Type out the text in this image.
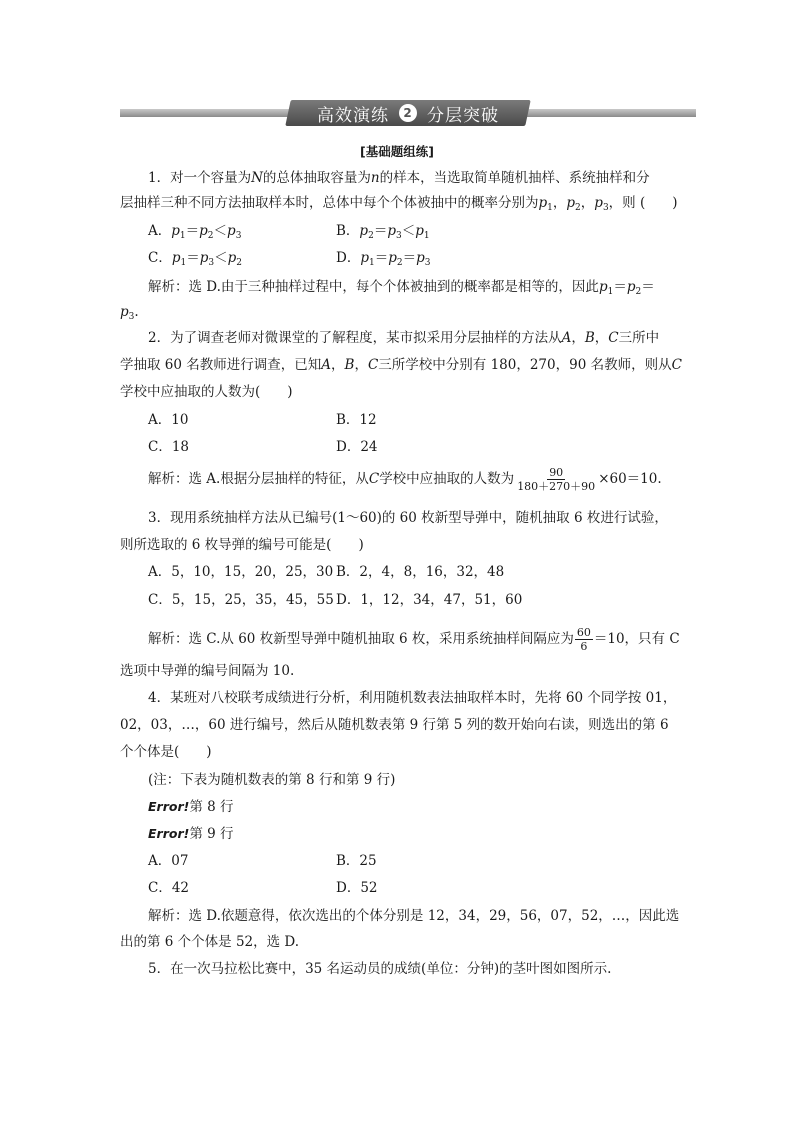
高效演练	2 分层突破
[基础题组练]
1．对一个容量为N的总体抽取容量为n的样本，当选取简单随机抽样、系统抽样和分
层抽样三种不同方法抽取样本时，总体中每个个体被抽中的概率分别为$p_1$，$p_2$，$p_3$，则 (　　)
A．$p_1=p_2<p_3$	B．$p_2=p_3<p_1$
C．$p_1=p_3<p_2$	D．$p_1=p_2=p_3$
解析：选 D.由于三种抽样过程中，每个个体被抽到的概率都是相等的，因此$p_1=p_2=$
$p_3$.
2．为了调查老师对微课堂的了解程度，某市拟采用分层抽样的方法从A，B，C三所中
学抽取 60 名教师进行调查，已知A，B，C三所学校中分别有 180，270，90 名教师，则从C
学校中应抽取的人数为(　　)
A．10	B．12
C．18	D．24
解析：选 A.根据分层抽样的特征，从C学校中应抽取的人数为 $\frac{90}{180+270+90} \times 60=10$.
3．现用系统抽样方法从已编号(1～60)的 60 枚新型导弹中，随机抽取 6 枚进行试验，
则所选取的 6 枚导弹的编号可能是(　　)
A．5，10，15，20，25，30 B．2，4，8，16，32，48
C．5，15，25，35，45，55 D．1，12，34，47，51，60
解析：选 C.从 60 枚新型导弹中随机抽取 6 枚，采用系统抽样间隔应为 $\frac{60}{6} =10$，只有 C
选项中导弹的编号间隔为 10.
4．某班对八校联考成绩进行分析，利用随机数表法抽取样本时，先将 60 个同学按 01，
02，03，…，60 进行编号，然后从随机数表第 9 行第 5 列的数开始向右读，则选出的第 6
个个体是(　　)
(注：下表为随机数表的第 8 行和第 9 行)
Error!第 8 行
Error!第 9 行
A．07	B．25
C．42	D．52
解析：选 D.依题意得，依次选出的个体分别是 12，34，29，56，07，52，…，因此选
出的第 6 个个体是 52，选 D.
5．在一次马拉松比赛中，35 名运动员的成绩(单位：分钟)的茎叶图如图所示.
